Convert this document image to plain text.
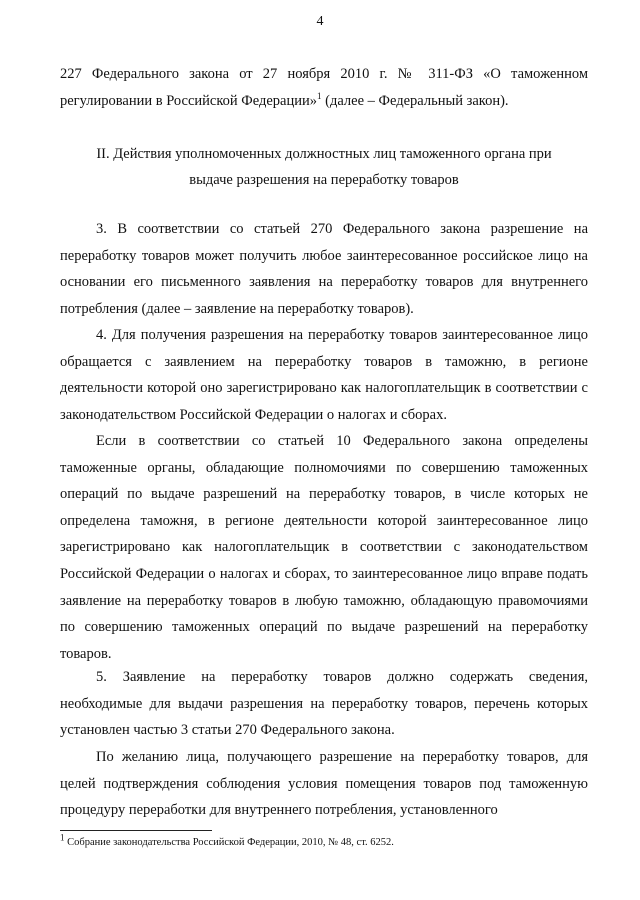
4

227 Федерального закона от 27 ноября 2010 г. № 311-ФЗ «О таможенном регулировании в Российской Федерации»$^1$ (далее – Федеральный закон).

II. Действия уполномоченных должностных лиц таможенного органа при
выдаче разрешения на переработку товаров

3. В соответствии со статьей 270 Федерального закона разрешение на переработку товаров может получить любое заинтересованное российское лицо на основании его письменного заявления на переработку товаров для внутреннего потребления (далее – заявление на переработку товаров).

4. Для получения разрешения на переработку товаров заинтересованное лицо обращается с заявлением на переработку товаров в таможню, в регионе деятельности которой оно зарегистрировано как налогоплательщик в соответствии с законодательством Российской Федерации о налогах и сборах.

Если в соответствии со статьей 10 Федерального закона определены таможенные органы, обладающие полномочиями по совершению таможенных операций по выдаче разрешений на переработку товаров, в числе которых не определена таможня, в регионе деятельности которой заинтересованное лицо зарегистрировано как налогоплательщик в соответствии с законодательством Российской Федерации о налогах и сборах, то заинтересованное лицо вправе подать заявление на переработку товаров в любую таможню, обладающую правомочиями по совершению таможенных операций по выдаче разрешений на переработку товаров.

5. Заявление на переработку товаров должно содержать сведения, необходимые для выдачи разрешения на переработку товаров, перечень которых установлен частью 3 статьи 270 Федерального закона.

По желанию лица, получающего разрешение на переработку товаров, для целей подтверждения соблюдения условия помещения товаров под таможенную процедуру переработки для внутреннего потребления, установленного

$^1$ Собрание законодательства Российской Федерации, 2010, № 48, ст. 6252.
